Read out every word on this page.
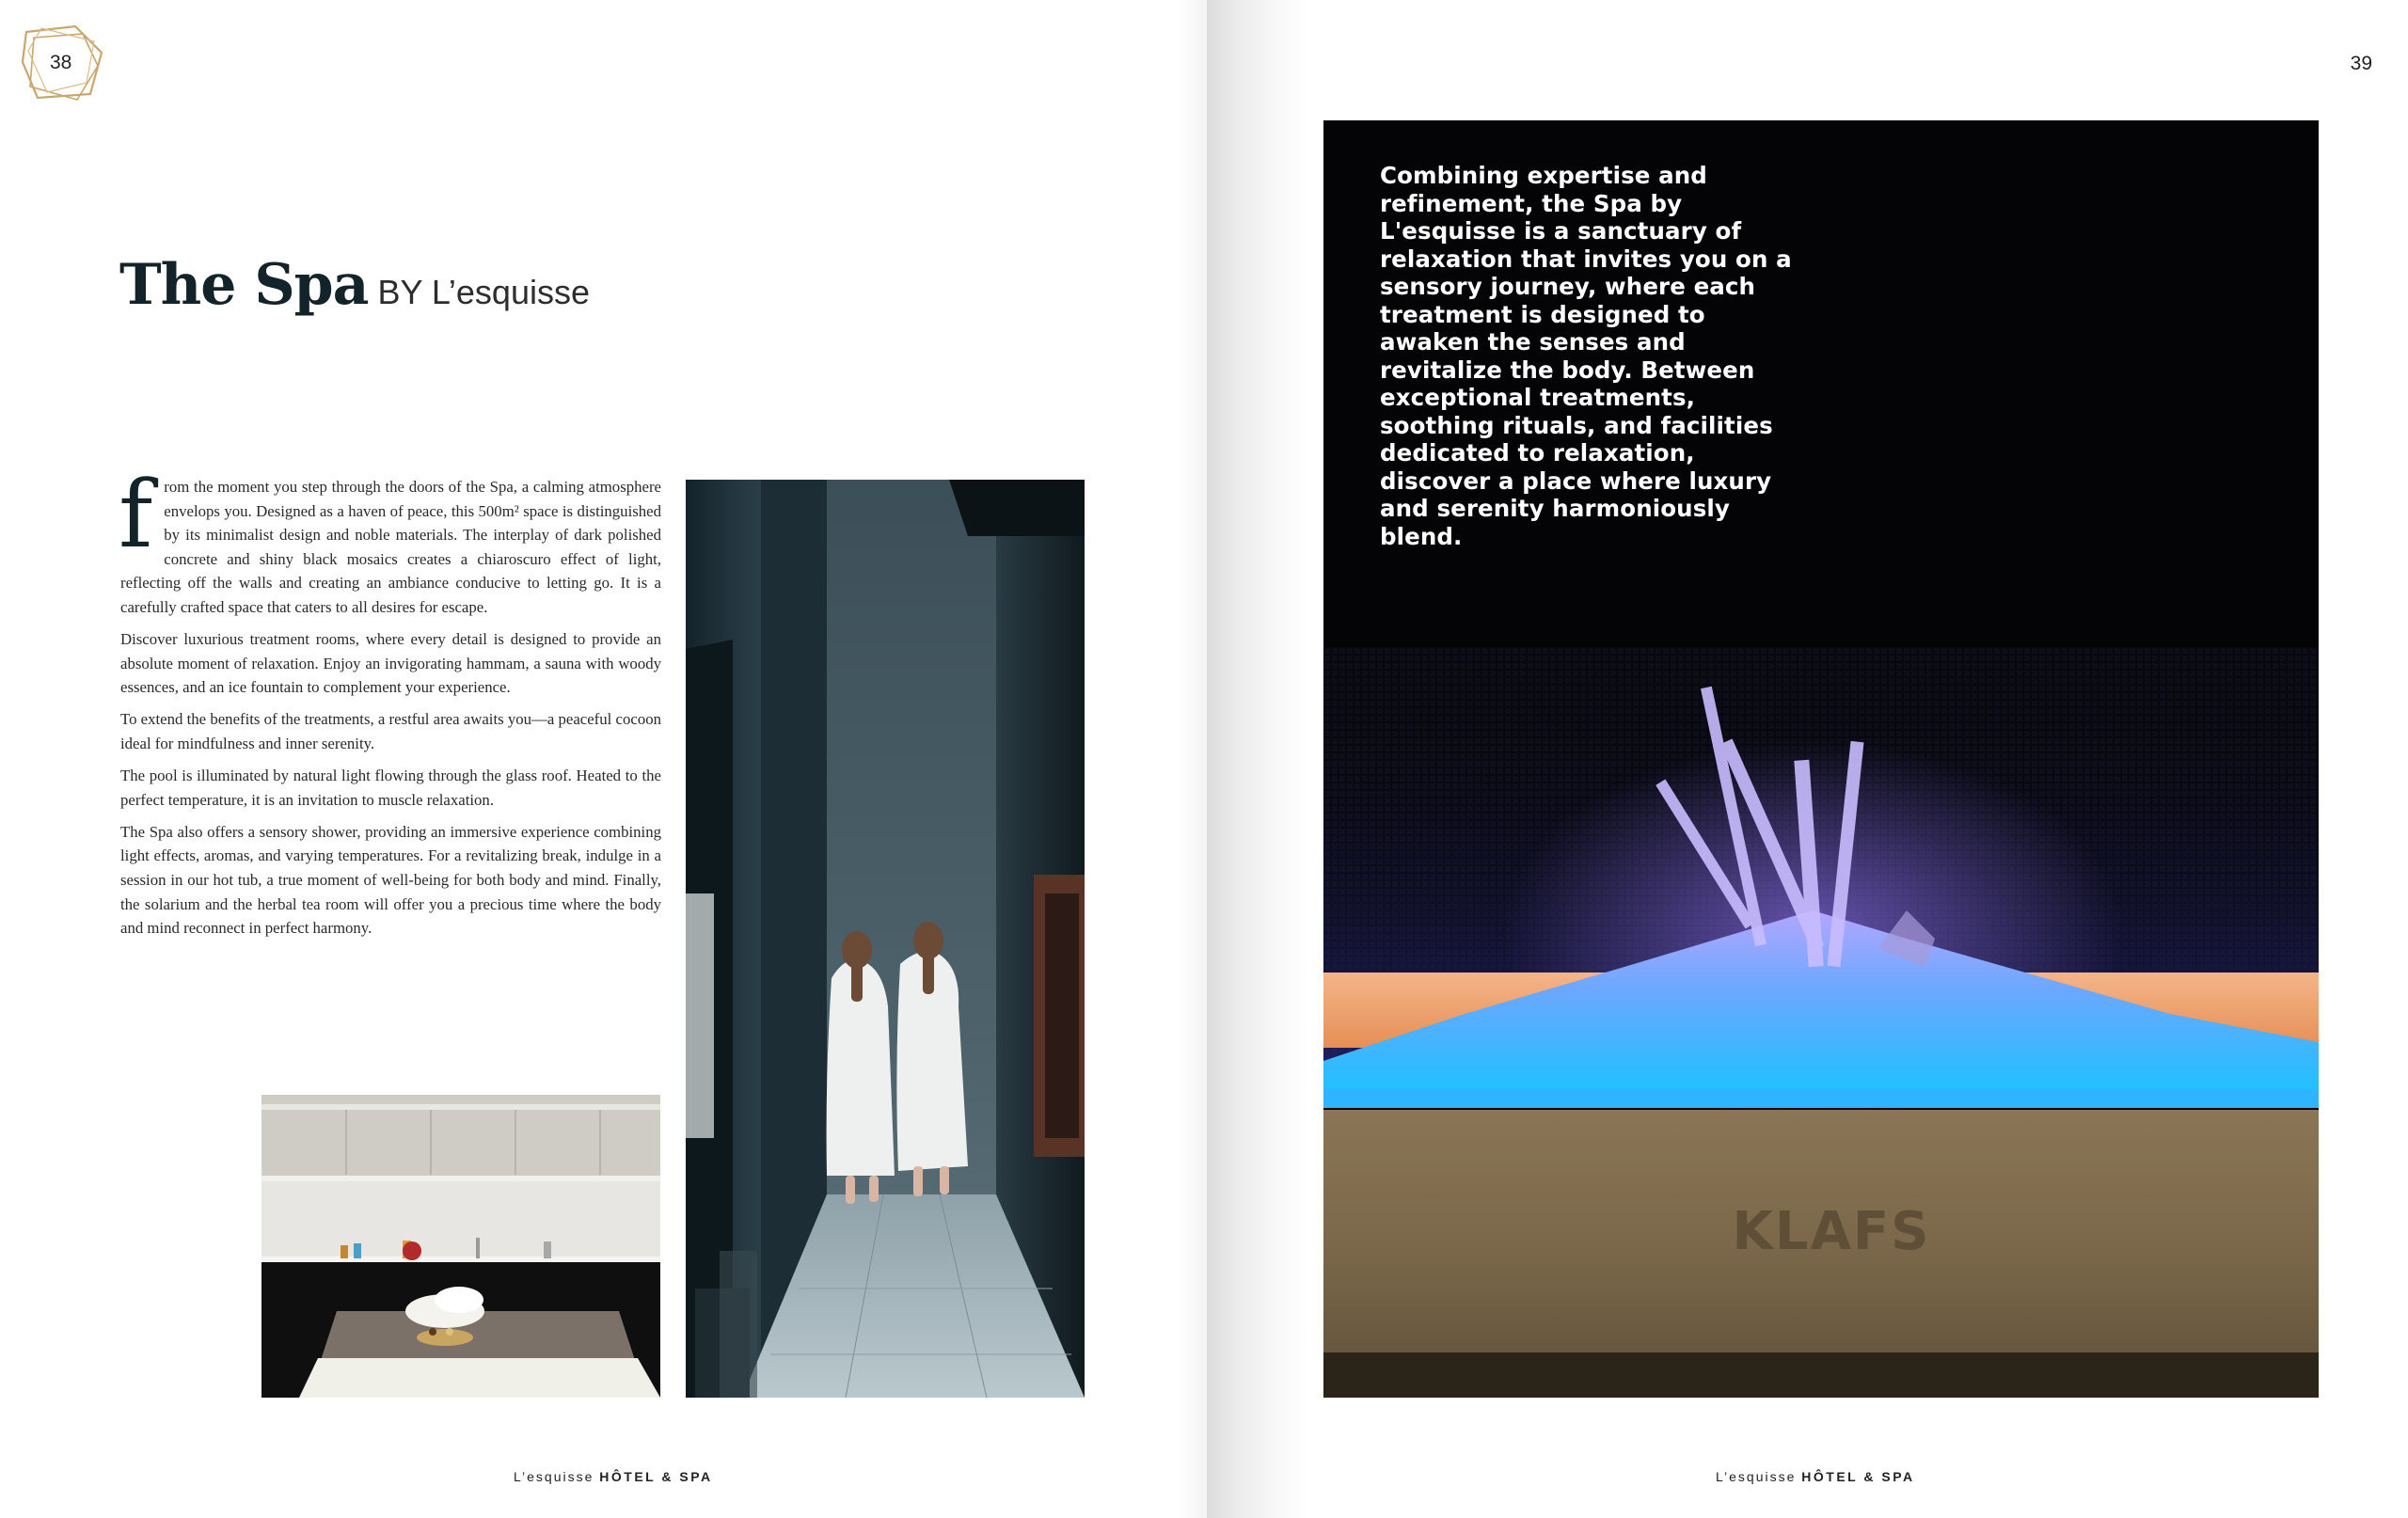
38
The Spa BY L’esquisse

from the moment you step through the doors of the Spa, a calming atmosphere envelops you. Designed as a haven of peace, this 500m² space is distinguished by its minimalist design and noble materials. The interplay of dark polished concrete and shiny black mosaics creates a chiaroscuro effect of light, reflecting off the walls and creating an ambiance conducive to letting go. It is a carefully crafted space that caters to all desires for escape.

Discover luxurious treatment rooms, where every detail is designed to provide an absolute moment of relaxation. Enjoy an invigorating hammam, a sauna with woody essences, and an ice fountain to complement your experience.

To extend the benefits of the treatments, a restful area awaits you—a peaceful cocoon ideal for mindfulness and inner serenity.

The pool is illuminated by natural light flowing through the glass roof. Heated to the perfect temperature, it is an invitation to muscle relaxation.

The Spa also offers a sensory shower, providing an immersive experience combining light effects, aromas, and varying temperatures. For a revitalizing break, indulge in a session in our hot tub, a true moment of well-being for both body and mind. Finally, the solarium and the herbal tea room will offer you a precious time where the body and mind reconnect in perfect harmony.

L’esquisse HÔTEL & SPA
39
KLAFS
Combining expertise and refinement, the Spa by L'esquisse is a sanctuary of relaxation that invites you on a sensory journey, where each treatment is designed to awaken the senses and revitalize the body. Between exceptional treatments, soothing rituals, and facilities dedicated to relaxation, discover a place where luxury and serenity harmoniously blend.
L’esquisse HÔTEL & SPA
